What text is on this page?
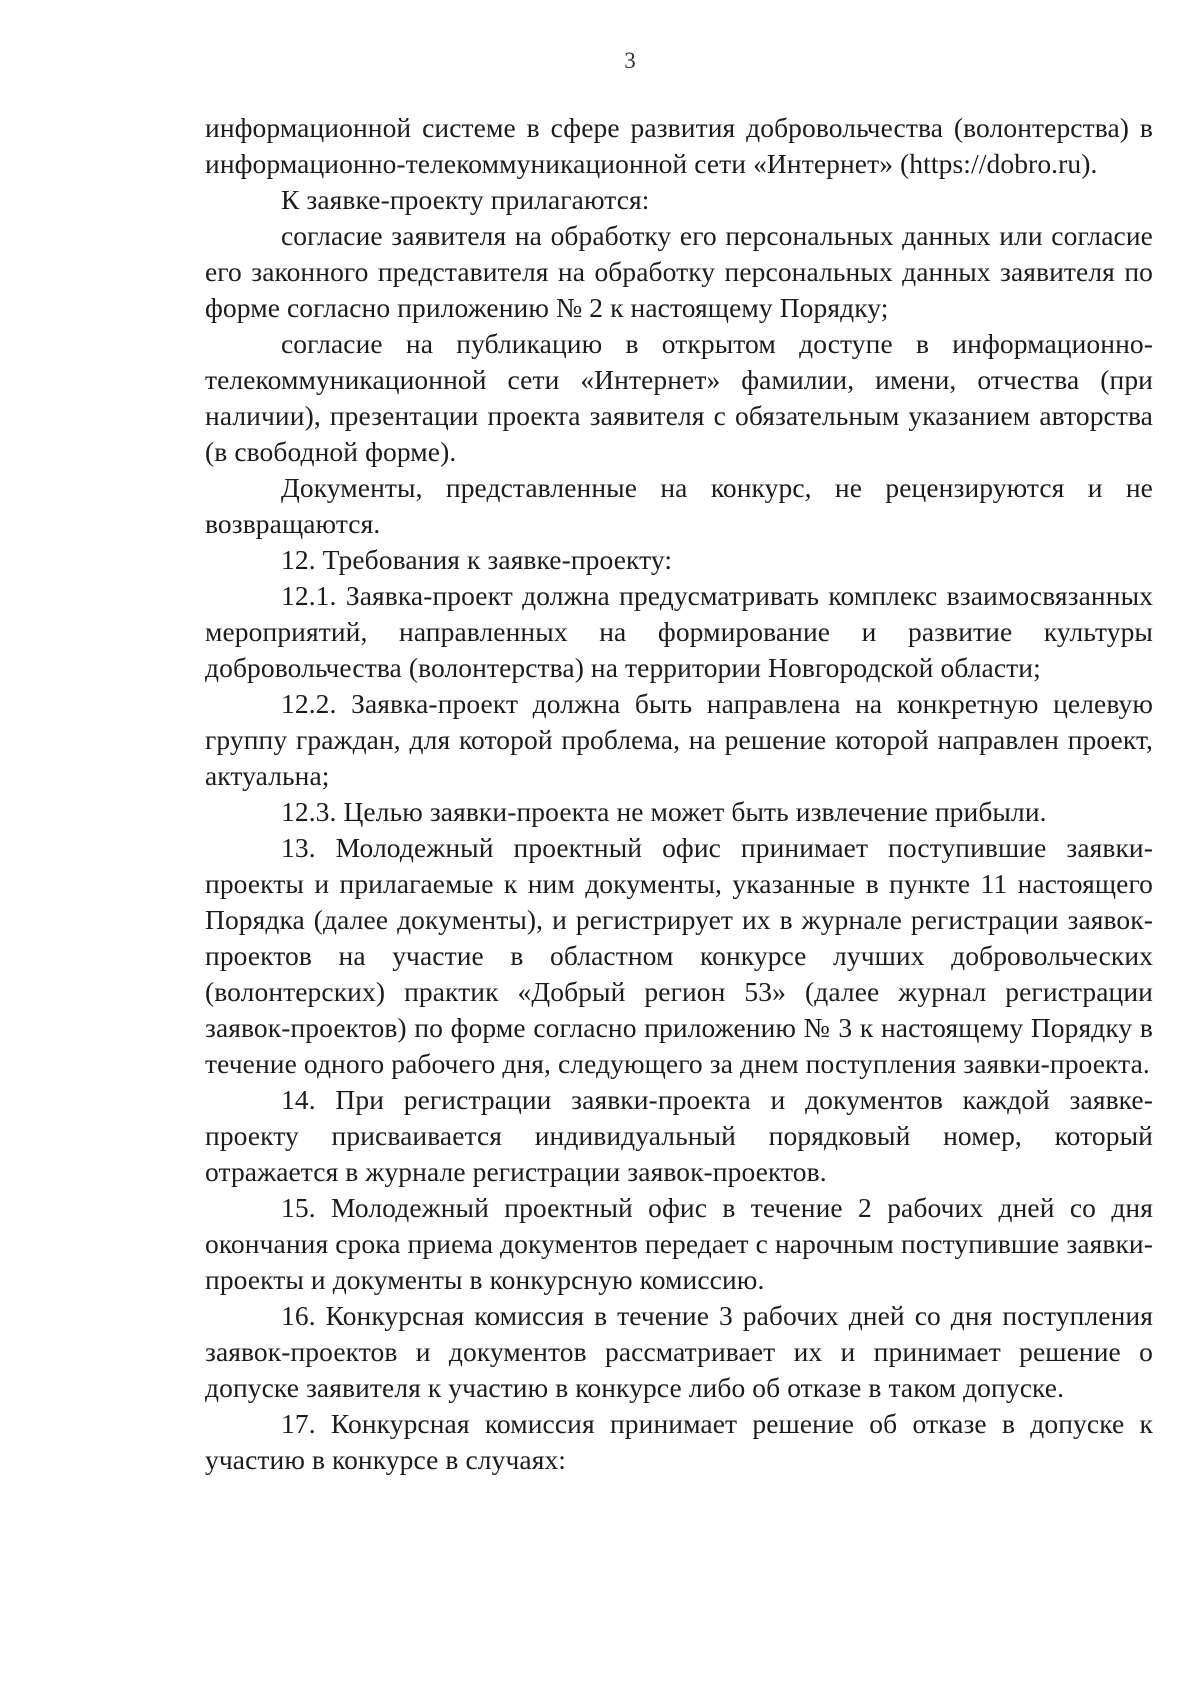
3

информационной системе в сфере развития добровольчества (волонтерства) в информационно-телекоммуникационной сети «Интернет» (https://dobro.ru).

К заявке-проекту прилагаются:

согласие заявителя на обработку его персональных данных или согласие его законного представителя на обработку персональных данных заявителя по форме согласно приложению № 2 к настоящему Порядку;

согласие на публикацию в открытом доступе в информационно-телекоммуникационной сети «Интернет» фамилии, имени, отчества (при наличии), презентации проекта заявителя с обязательным указанием авторства (в свободной форме).

Документы, представленные на конкурс, не рецензируются и не возвращаются.

12. Требования к заявке-проекту:

12.1. Заявка-проект должна предусматривать комплекс взаимосвязанных мероприятий, направленных на формирование и развитие культуры добровольчества (волонтерства) на территории Новгородской области;

12.2. Заявка-проект должна быть направлена на конкретную целевую группу граждан, для которой проблема, на решение которой направлен проект, актуальна;

12.3. Целью заявки-проекта не может быть извлечение прибыли.

13. Молодежный проектный офис принимает поступившие заявки-проекты и прилагаемые к ним документы, указанные в пункте 11 настоящего Порядка (далее документы), и регистрирует их в журнале регистрации заявок-проектов на участие в областном конкурсе лучших добровольческих (волонтерских) практик «Добрый регион 53» (далее журнал регистрации заявок-проектов) по форме согласно приложению № 3 к настоящему Порядку в течение одного рабочего дня, следующего за днем поступления заявки-проекта.

14. При регистрации заявки-проекта и документов каждой заявке-проекту присваивается индивидуальный порядковый номер, который отражается в журнале регистрации заявок-проектов.

15. Молодежный проектный офис в течение 2 рабочих дней со дня окончания срока приема документов передает с нарочным поступившие заявки-проекты и документы в конкурсную комиссию.

16. Конкурсная комиссия в течение 3 рабочих дней со дня поступления заявок-проектов и документов рассматривает их и принимает решение о допуске заявителя к участию в конкурсе либо об отказе в таком допуске.

17. Конкурсная комиссия принимает решение об отказе в допуске к участию в конкурсе в случаях:
